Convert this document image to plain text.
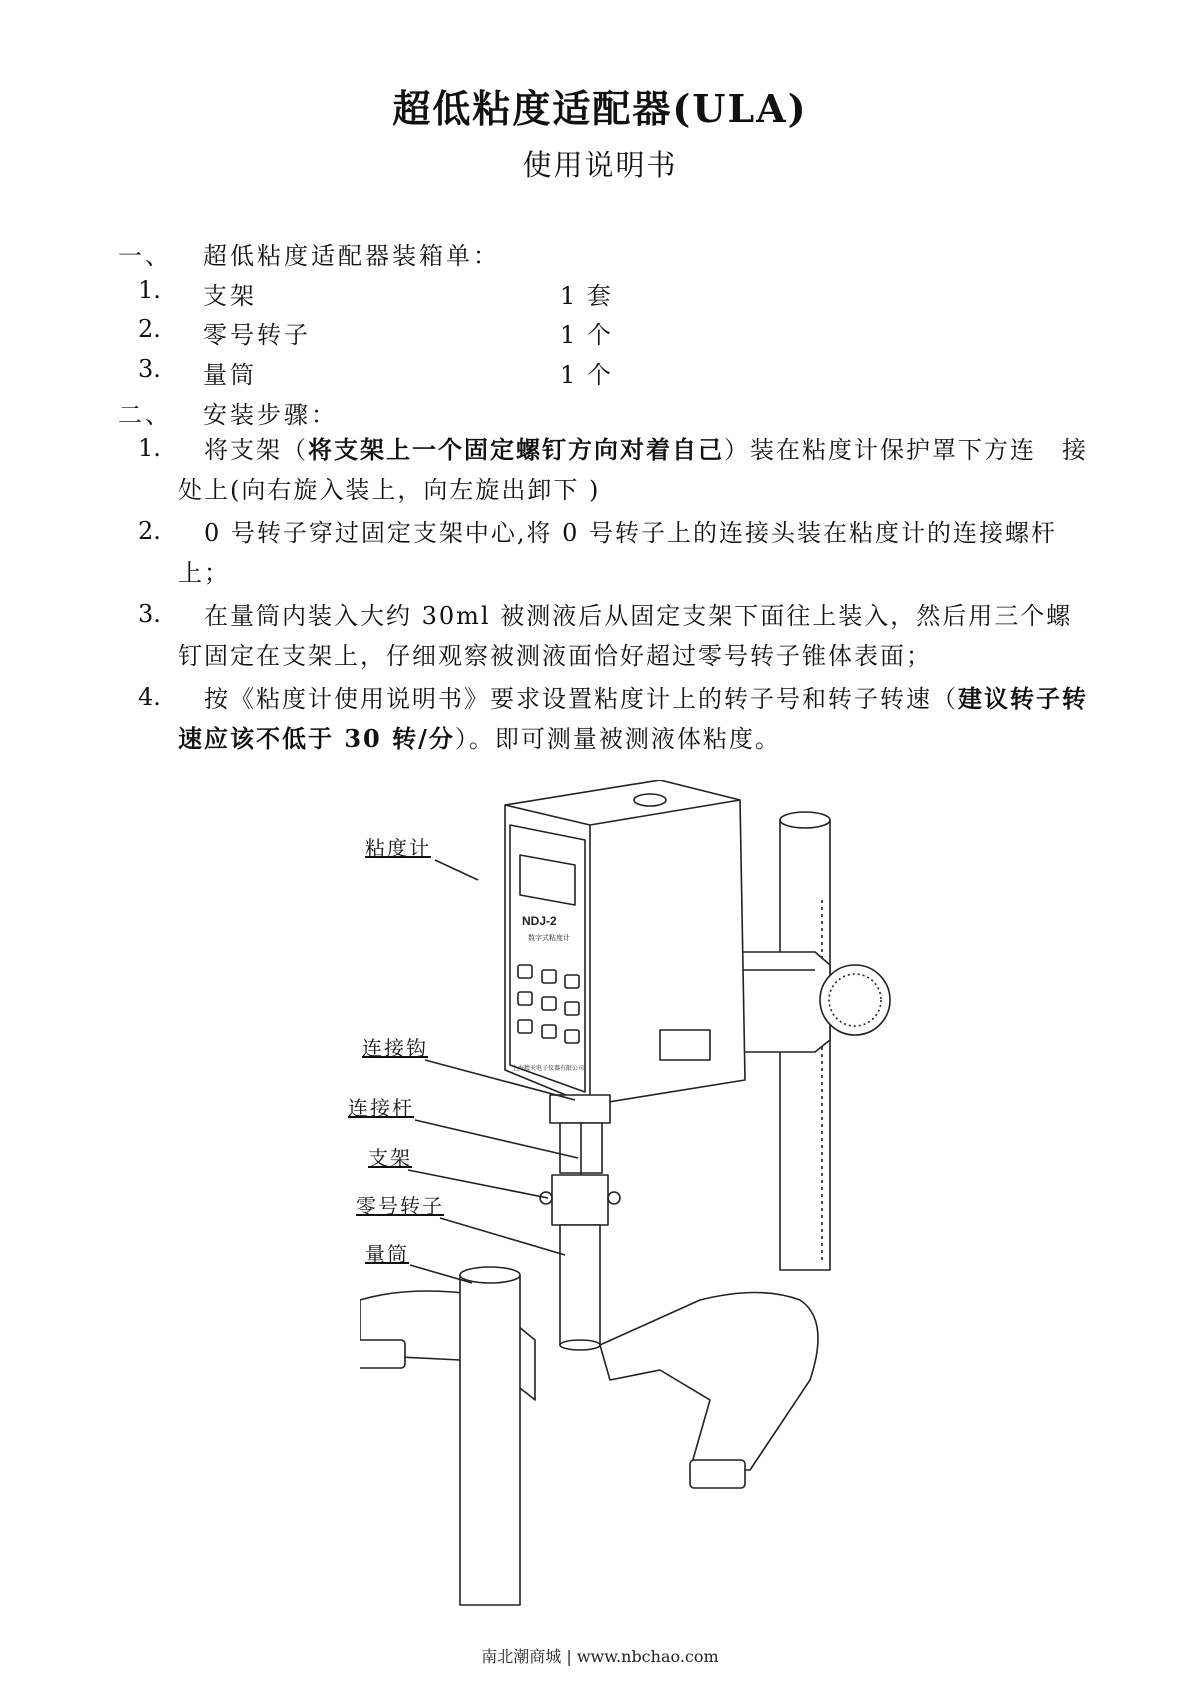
超低粘度适配器(ULA)
使用说明书
一、 超低粘度适配器装箱单：
1. 支架	1 套
2. 零号转子	1 个
3. 量筒	1 个
二、 安装步骤：
1.	将支架（将支架上一个固定螺钉方向对着自己）装在粘度计保护罩下方连　接处上(向右旋入装上，向左旋出卸下 )
2.	0 号转子穿过固定支架中心,将 0 号转子上的连接头装在粘度计的连接螺杆上；
3.	在量筒内装入大约 30ml 被测液后从固定支架下面往上装入，然后用三个螺钉固定在支架上，仔细观察被测液面恰好超过零号转子锥体表面；
4.	按《粘度计使用说明书》要求设置粘度计上的转子号和转子转速（建议转子转速应该不低于 30 转/分）。即可测量被测液体粘度。
NDJ-2
数字式粘度计
上海精天电子仪器有限公司
粘度计
连接钩
连接杆
支架
零号转子
量筒
南北潮商城 | www.nbchao.com
